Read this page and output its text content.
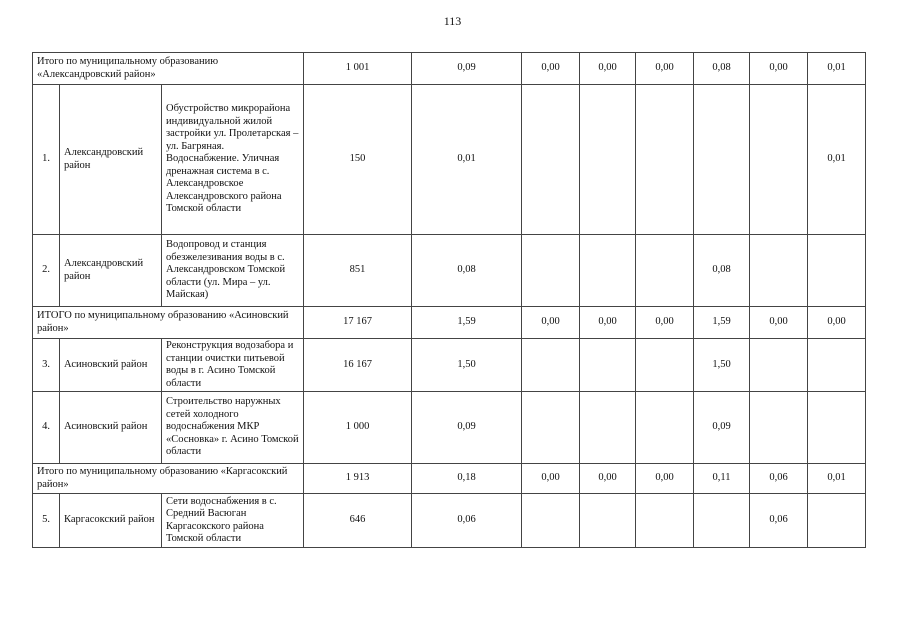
113
Итого по муниципальному образованию «Александровский район»			1 001	0,09	0,00	0,00	0,00	0,08	0,00	0,01
1.	Александровский район	Обустройство микрорайона индивидуальной жилой застройки ул. Пролетарская – ул. Багряная. Водоснабжение. Уличная дренажная система в с. Александровское Александровского района Томской области	150	0,01						0,01
2.	Александровский район	Водопровод и станция обезжелезивания воды в с. Александровском Томской области (ул. Мира – ул. Майская)	851	0,08				0,08		
ИТОГО по муниципальному образованию «Асиновский район»			17 167	1,59	0,00	0,00	0,00	1,59	0,00	0,00
3.	Асиновский район	Реконструкция водозабора и станции очистки питьевой воды в г. Асино Томской области	16 167	1,50				1,50		
4.	Асиновский район	Строительство наружных сетей холодного водоснабжения МКР «Сосновка» г. Асино Томской области	1 000	0,09				0,09		
Итого по муниципальному образованию «Каргасокский район»			1 913	0,18	0,00	0,00	0,00	0,11	0,06	0,01
5.	Каргасокский район	Сети водоснабжения в с. Средний Васюган Каргасокского района Томской области	646	0,06					0,06	
